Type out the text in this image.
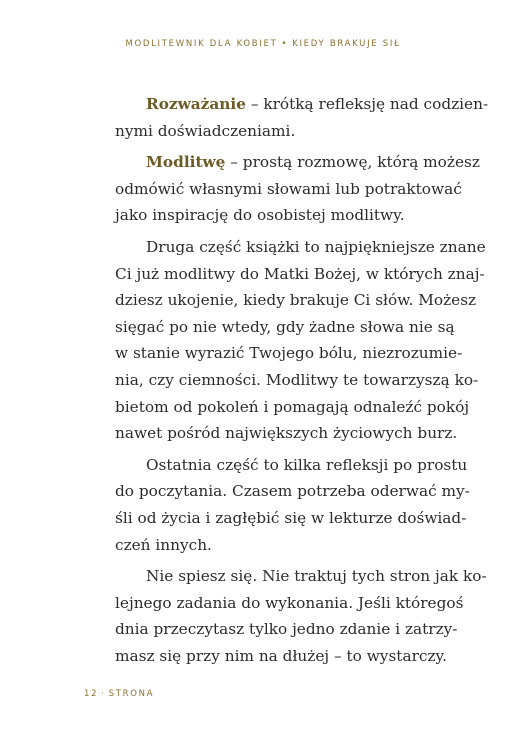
MODLITEWNIK DLA KOBIET • KIEDY BRAKUJE SIŁ

Rozważanie – krótką refleksję nad codzien-
nymi doświadczeniami.

Modlitwę – prostą rozmowę, którą możesz
odmówić własnymi słowami lub potraktować
jako inspirację do osobistej modlitwy.

Druga część książki to najpiękniejsze znane
Ci już modlitwy do Matki Bożej, w których znaj-
dziesz ukojenie, kiedy brakuje Ci słów. Możesz
sięgać po nie wtedy, gdy żadne słowa nie są
w stanie wyrazić Twojego bólu, niezrozumie-
nia, czy ciemności. Modlitwy te towarzyszą ko-
bietom od pokoleń i pomagają odnaleźć pokój
nawet pośród największych życiowych burz.

Ostatnia część to kilka refleksji po prostu
do poczytania. Czasem potrzeba oderwać my-
śli od życia i zagłębić się w lekturze doświad-
czeń innych.

Nie spiesz się. Nie traktuj tych stron jak ko-
lejnego zadania do wykonania. Jeśli któregoś
dnia przeczytasz tylko jedno zdanie i zatrzy-
masz się przy nim na dłużej – to wystarczy.

12 · STRONA
